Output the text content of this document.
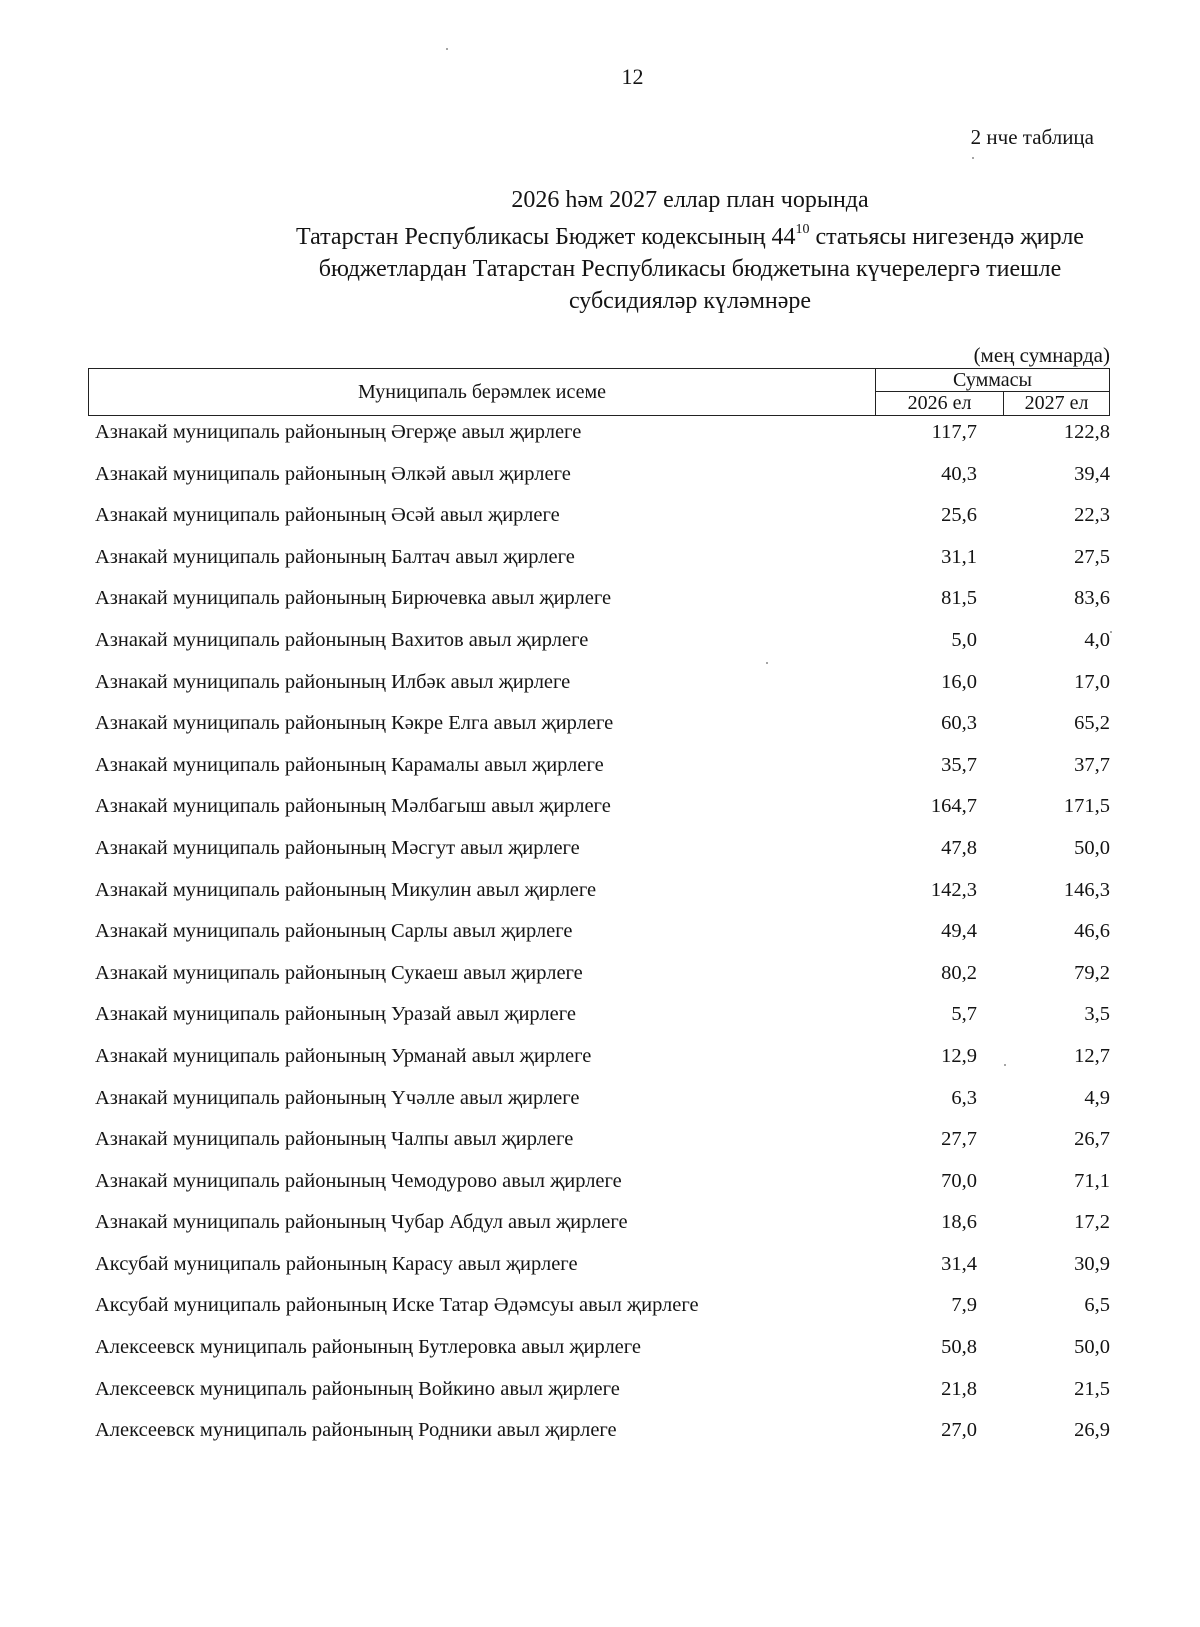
12
2 нче таблица
2026 һәм 2027 еллар план чорында
Татарстан Республикасы Бюджет кодексының $44^{10}$ статьясы нигезендә җирле
бюджетлардан Татарстан Республикасы бюджетына күчерелергә тиешле
субсидияләр күләмнәре
(мең сумнарда)
Муниципаль берәмлек исеме
Суммасы
2026 ел	2027 ел
Азнакай муниципаль районының Әгерҗе авыл җирлеге	117,7	122,8
Азнакай муниципаль районының Әлкәй авыл җирлеге	40,3	39,4
Азнакай муниципаль районының Әсәй авыл җирлеге	25,6	22,3
Азнакай муниципаль районының Балтач авыл җирлеге	31,1	27,5
Азнакай муниципаль районының Бирючевка авыл җирлеге	81,5	83,6
Азнакай муниципаль районының Вахитов авыл җирлеге	5,0	4,0
Азнакай муниципаль районының Илбәк авыл җирлеге	16,0	17,0
Азнакай муниципаль районының Кәкре Елга авыл җирлеге	60,3	65,2
Азнакай муниципаль районының Карамалы авыл җирлеге	35,7	37,7
Азнакай муниципаль районының Мәлбагыш авыл җирлеге	164,7	171,5
Азнакай муниципаль районының Мәсгут авыл җирлеге	47,8	50,0
Азнакай муниципаль районының Микулин авыл җирлеге	142,3	146,3
Азнакай муниципаль районының Сарлы авыл җирлеге	49,4	46,6
Азнакай муниципаль районының Сукаеш авыл җирлеге	80,2	79,2
Азнакай муниципаль районының Уразай авыл җирлеге	5,7	3,5
Азнакай муниципаль районының Урманай авыл җирлеге	12,9	12,7
Азнакай муниципаль районының Үчәлле авыл җирлеге	6,3	4,9
Азнакай муниципаль районының Чалпы авыл җирлеге	27,7	26,7
Азнакай муниципаль районының Чемодурово авыл җирлеге	70,0	71,1
Азнакай муниципаль районының Чубар Абдул авыл җирлеге	18,6	17,2
Аксубай муниципаль районының Карасу авыл җирлеге	31,4	30,9
Аксубай муниципаль районының Иске Татар Әдәмсуы авыл җирлеге	7,9	6,5
Алексеевск муниципаль районының Бутлеровка авыл җирлеге	50,8	50,0
Алексеевск муниципаль районының Войкино авыл җирлеге	21,8	21,5
Алексеевск муниципаль районының Родники авыл җирлеге	27,0	26,9
